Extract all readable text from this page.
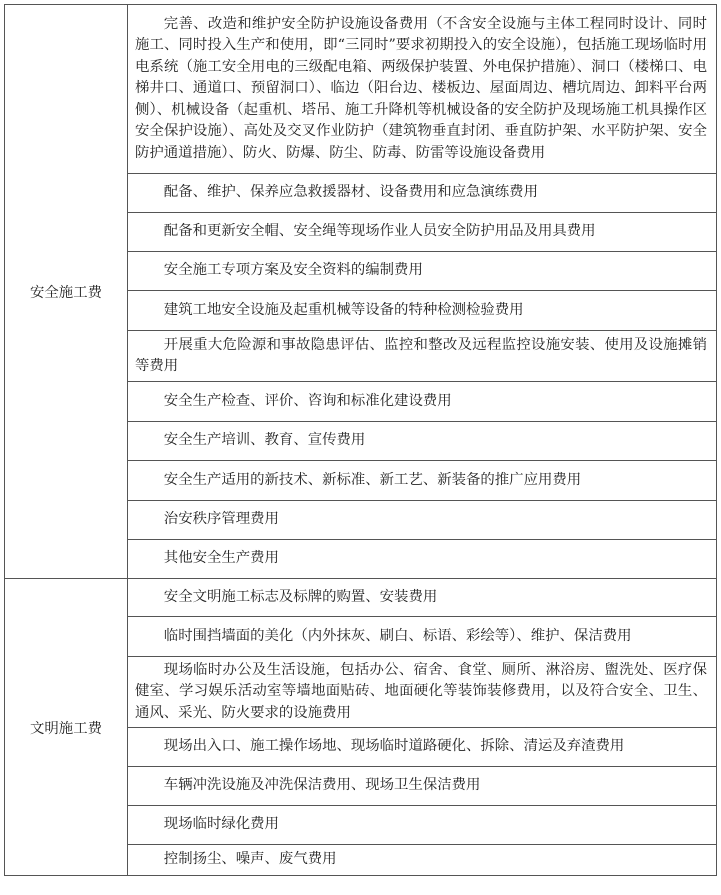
安全施工费	完善、改造和维护安全防护设施设备费用（不含安全设施与主体工程同时设计、同时施工、同时投入生产和使用，即“三同时”要求初期投入的安全设施），包括施工现场临时用电系统（施工安全用电的三级配电箱、两级保护装置、外电保护措施）、洞口（楼梯口、电梯井口、通道口、预留洞口）、临边（阳台边、楼板边、屋面周边、槽坑周边、卸料平台两侧）、机械设备（起重机、塔吊、施工升降机等机械设备的安全防护及现场施工机具操作区安全保护设施）、高处及交叉作业防护（建筑物垂直封闭、垂直防护架、水平防护架、安全防护通道措施）、防火、防爆、防尘、防毒、防雷等设施设备费用

	配备、维护、保养应急救援器材、设备费用和应急演练费用

	配备和更新安全帽、安全绳等现场作业人员安全防护用品及用具费用

	安全施工专项方案及安全资料的编制费用

	建筑工地安全设施及起重机械等设备的特种检测检验费用

	开展重大危险源和事故隐患评估、监控和整改及远程监控设施安装、使用及设施摊销等费用

	安全生产检查、评价、咨询和标准化建设费用

	安全生产培训、教育、宣传费用

	安全生产适用的新技术、新标准、新工艺、新装备的推广应用费用

	治安秩序管理费用

	其他安全生产费用

文明施工费	安全文明施工标志及标牌的购置、安装费用

	临时围挡墙面的美化（内外抹灰、刷白、标语、彩绘等）、维护、保洁费用

	现场临时办公及生活设施，包括办公、宿舍、食堂、厕所、淋浴房、盥洗处、医疗保健室、学习娱乐活动室等墙地面贴砖、地面硬化等装饰装修费用，以及符合安全、卫生、通风、采光、防火要求的设施费用

	现场出入口、施工操作场地、现场临时道路硬化、拆除、清运及弃渣费用

	车辆冲洗设施及冲洗保洁费用、现场卫生保洁费用

	现场临时绿化费用

	控制扬尘、噪声、废气费用
